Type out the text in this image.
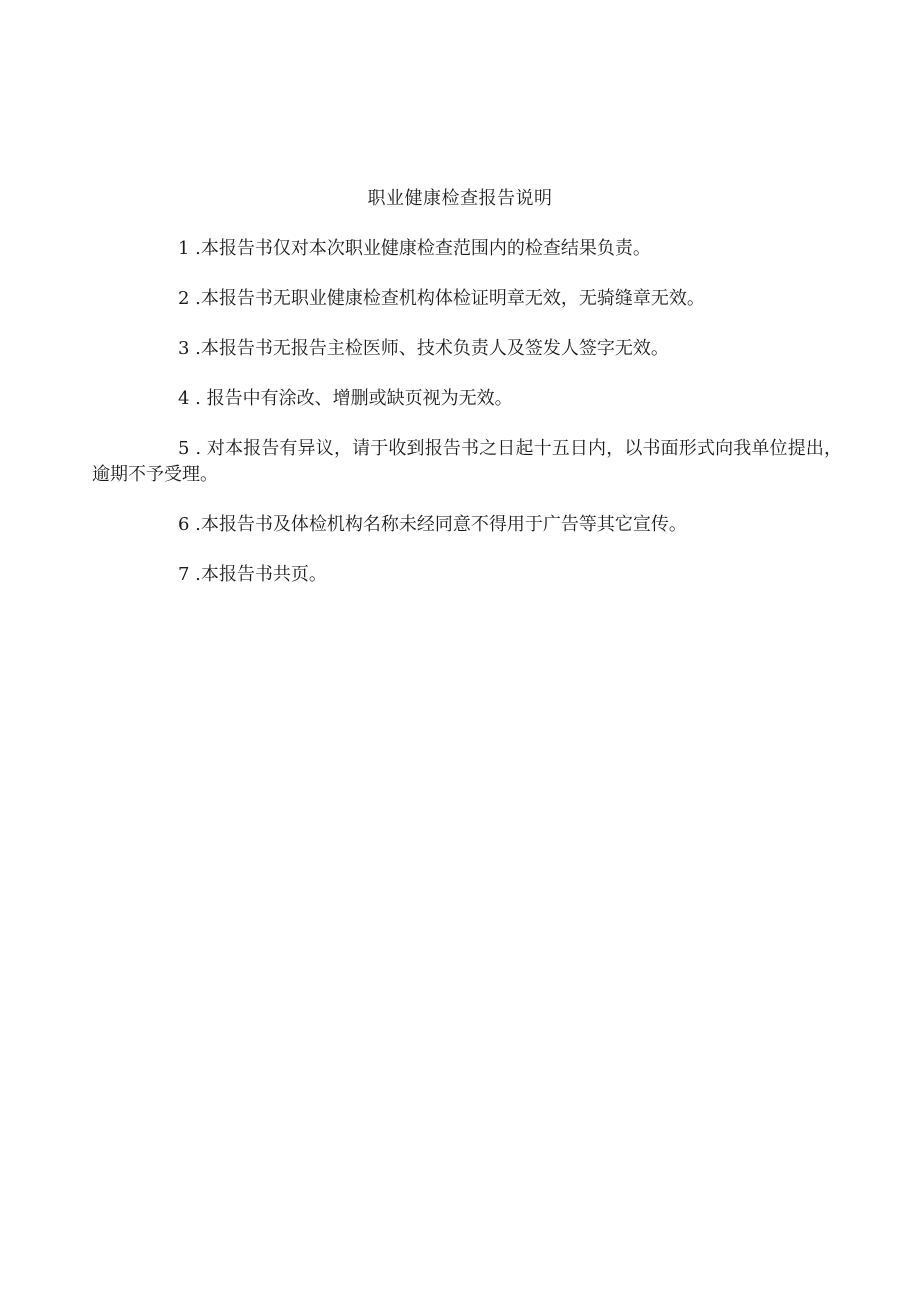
职业健康检查报告说明

1 .本报告书仅对本次职业健康检查范围内的检查结果负责。

2 .本报告书无职业健康检查机构体检证明章无效，无骑缝章无效。

3 .本报告书无报告主检医师、技术负责人及签发人签字无效。

4 . 报告中有涂改、增删或缺页视为无效。

5 . 对本报告有异议，请于收到报告书之日起十五日内，以书面形式向我单位提出，逾期不予受理。

6 .本报告书及体检机构名称未经同意不得用于广告等其它宣传。

7 .本报告书共页。
